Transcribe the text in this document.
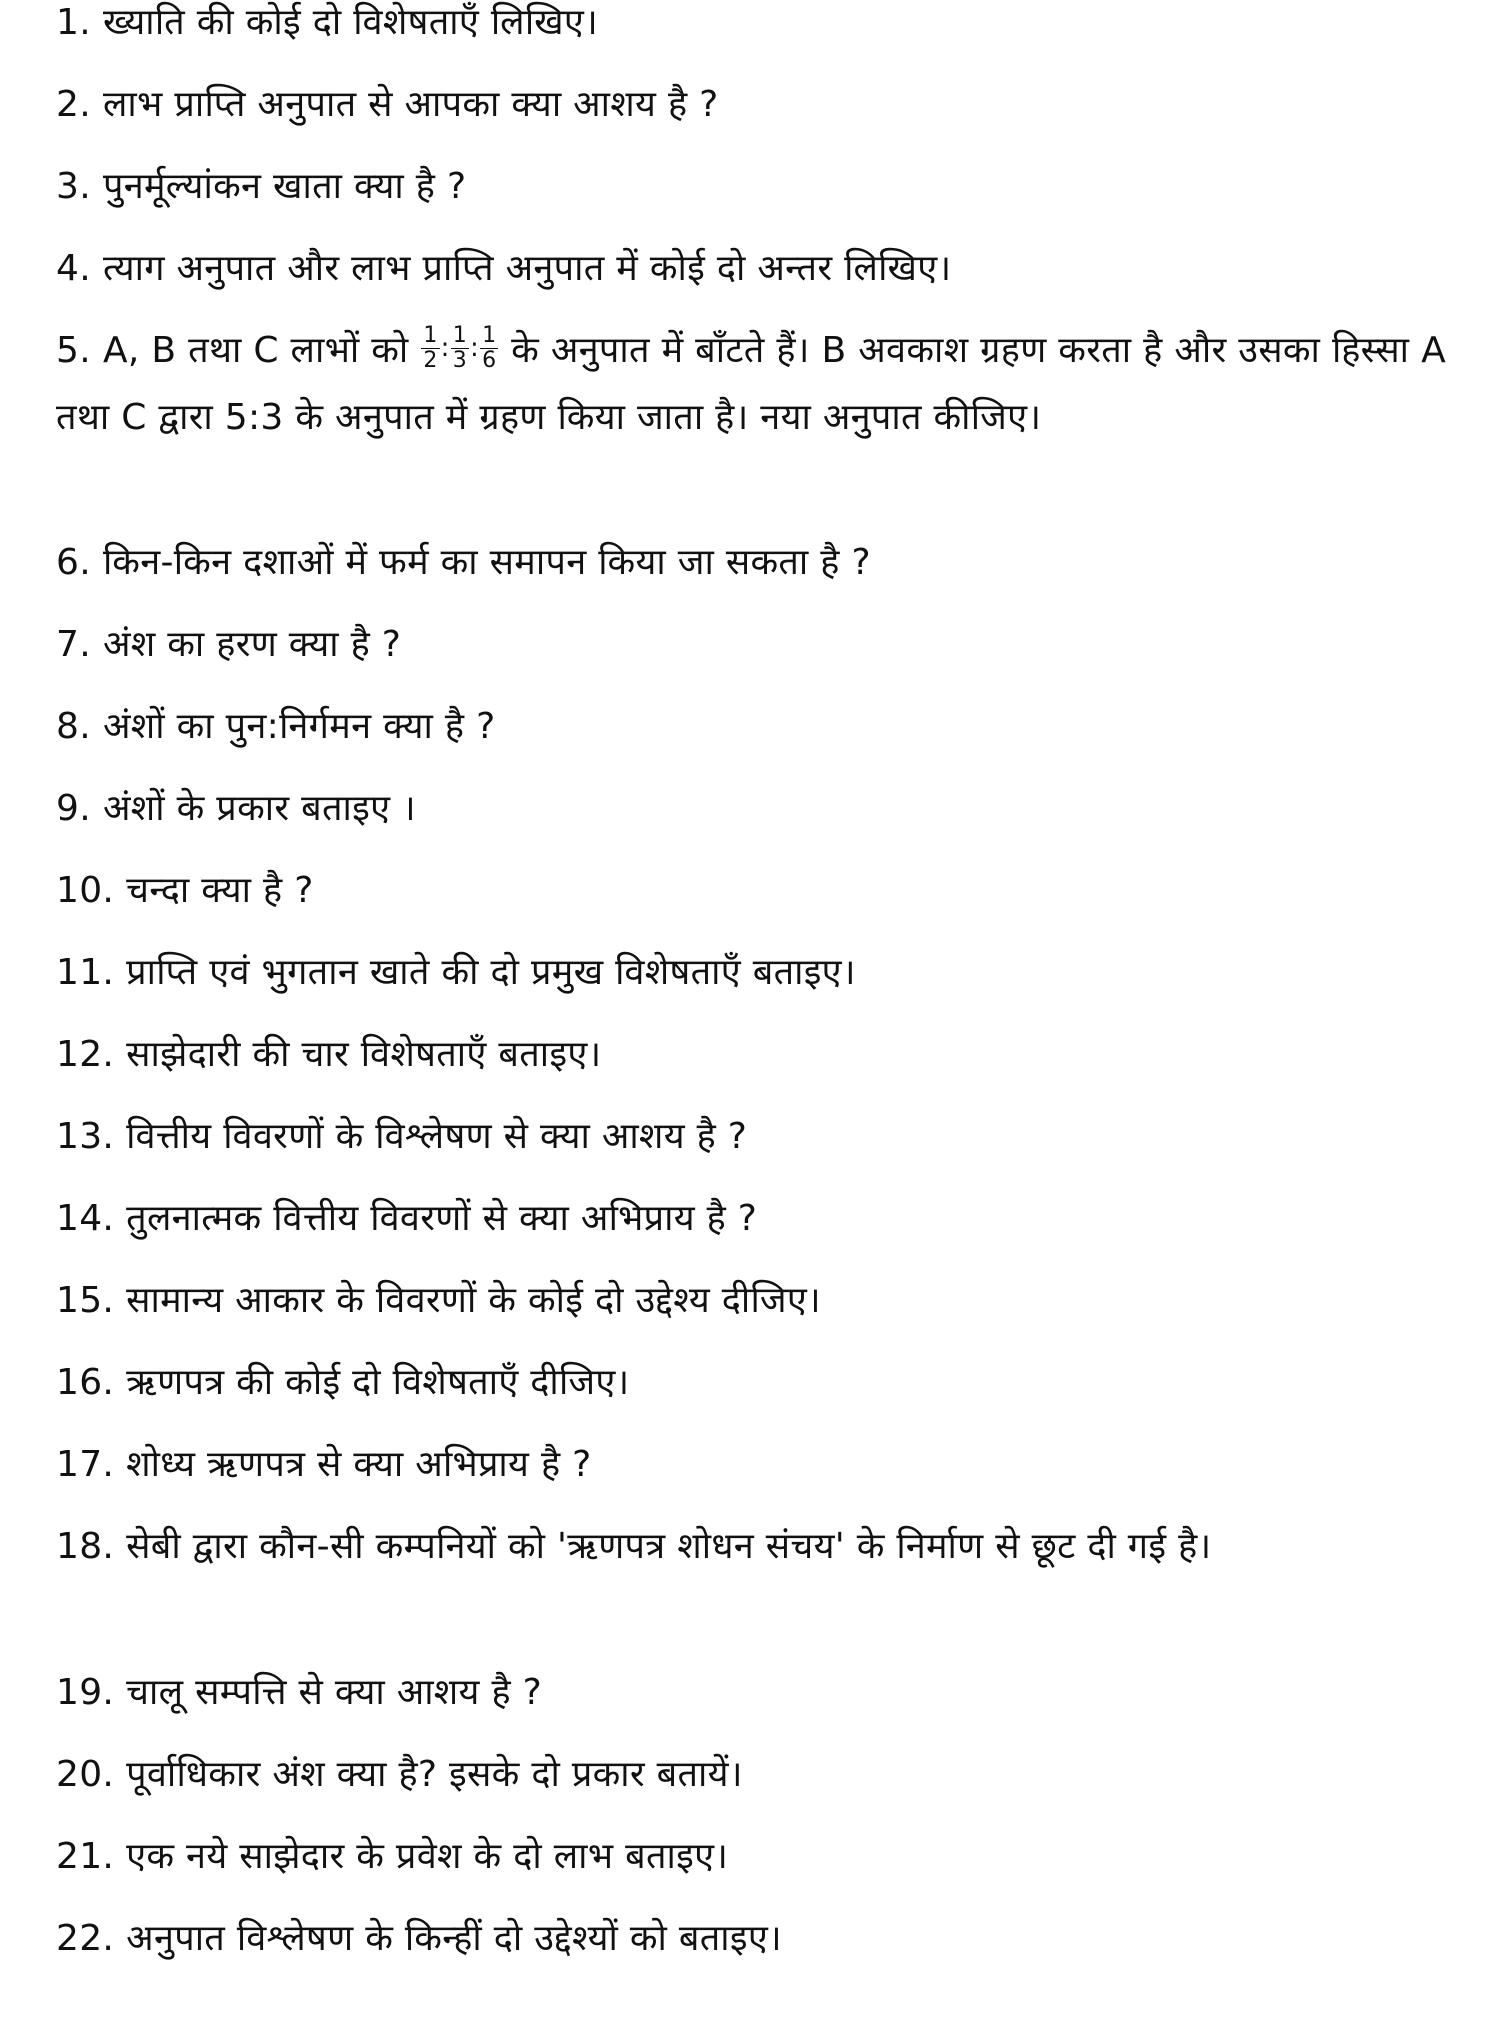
1. ख्याति की कोई दो विशेषताएँ लिखिए।
2. लाभ प्राप्ति अनुपात से आपका क्या आशय है ?
3. पुनर्मूल्यांकन खाता क्या है ?
4. त्याग अनुपात और लाभ प्राप्ति अनुपात में कोई दो अन्तर लिखिए।
5. A, B तथा C लाभों को $\frac{1}{2}$ : $\frac{1}{3}$ : $\frac{1}{6}$ के अनुपात में बाँटते हैं। B अवकाश ग्रहण करता है और उसका हिस्सा A तथा C द्वारा 5:3 के अनुपात में ग्रहण किया जाता है। नया अनुपात कीजिए।
6. किन-किन दशाओं में फर्म का समापन किया जा सकता है ?
7. अंश का हरण क्या है ?
8. अंशों का पुन:निर्गमन क्या है ?
9. अंशों के प्रकार बताइए ।
10. चन्दा क्या है ?
11. प्राप्ति एवं भुगतान खाते की दो प्रमुख विशेषताएँ बताइए।
12. साझेदारी की चार विशेषताएँ बताइए।
13. वित्तीय विवरणों के विश्लेषण से क्या आशय है ?
14. तुलनात्मक वित्तीय विवरणों से क्या अभिप्राय है ?
15. सामान्य आकार के विवरणों के कोई दो उद्देश्य दीजिए।
16. ऋणपत्र की कोई दो विशेषताएँ दीजिए।
17. शोध्य ऋणपत्र से क्या अभिप्राय है ?
18. सेबी द्वारा कौन-सी कम्पनियों को 'ऋणपत्र शोधन संचय' के निर्माण से छूट दी गई है।
19. चालू सम्पत्ति से क्या आशय है ?
20. पूर्वाधिकार अंश क्या है? इसके दो प्रकार बतायें।
21. एक नये साझेदार के प्रवेश के दो लाभ बताइए।
22. अनुपात विश्लेषण के किन्हीं दो उद्देश्यों को बताइए।
